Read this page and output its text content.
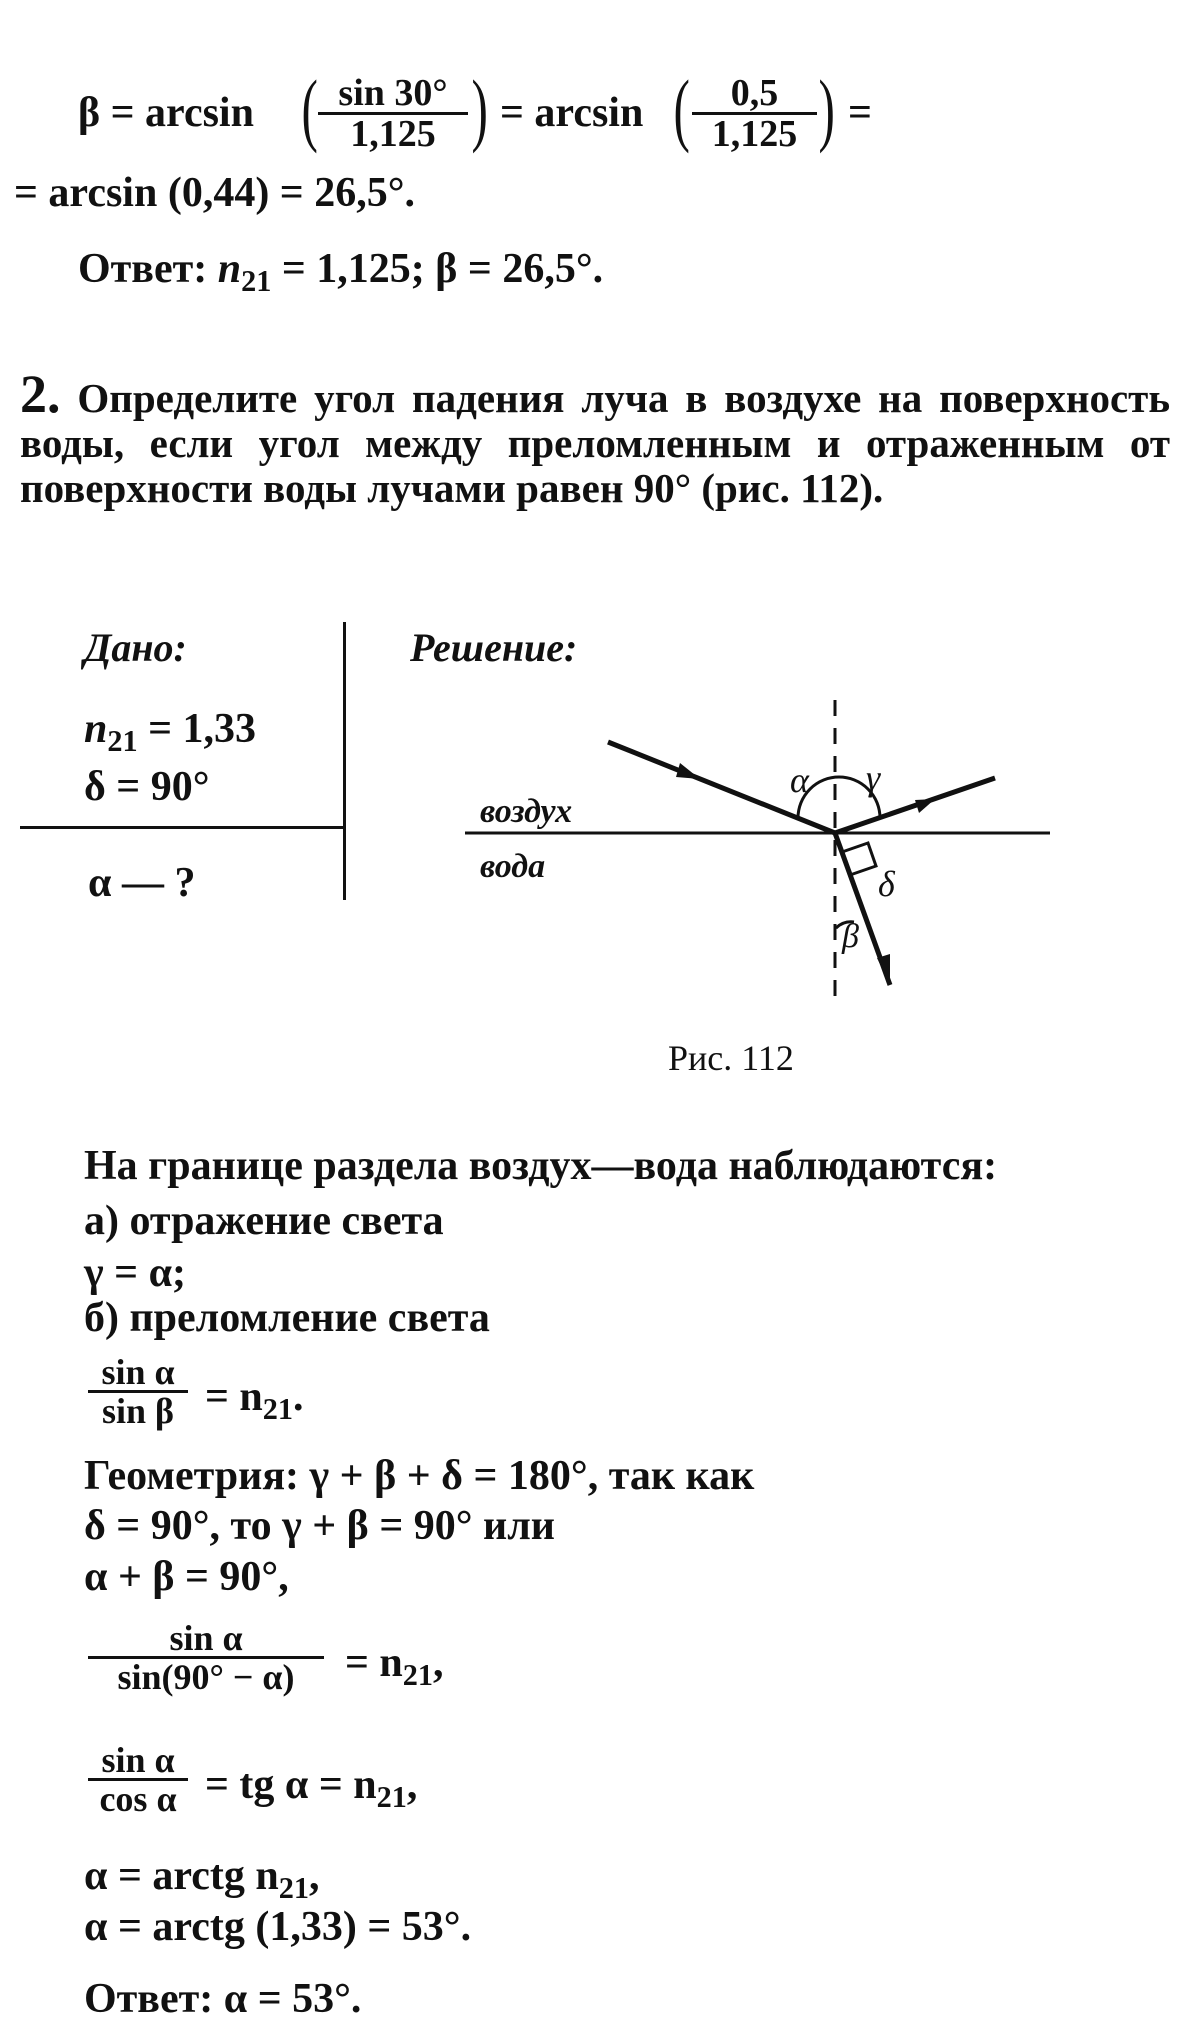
β = arcsin ( $\frac{\sin 30^\circ}{1,125}$ ) = arcsin ( $\frac{0,5}{1,125}$ ) =
= arcsin (0,44) = 26,5°.
Ответ: $n_{21} = 1,125$; β = 26,5°.
2. Определите угол падения луча в воздухе на поверхность воды, если угол между преломленным и отраженным от поверхности воды лучами равен 90° (рис. 112).
Дано:
$n_{21} = 1,33$
δ = 90°
α — ?
Решение:
α γ
δ
β
воздух
вода
Рис. 112
На границе раздела воздух—вода наблюдаются:
а) отражение света
γ = α;
б) преломление света
$\frac{\text{sin α}}{\text{sin β}} = n_{21}$.
Геометрия: γ + β + δ = 180°, так как
δ = 90°, то γ + β = 90° или
α + β = 90°,
$\frac{\text{sin α}}{\sin(90^\circ - \alpha)} = n_{21}$,
$\frac{\text{sin α}}{\text{cos α}}$ = tg $\alpha = n_{21}$,
α = arctg $n_{21}$,
α = arctg (1,33) = 53°.
Ответ: α = 53°.
